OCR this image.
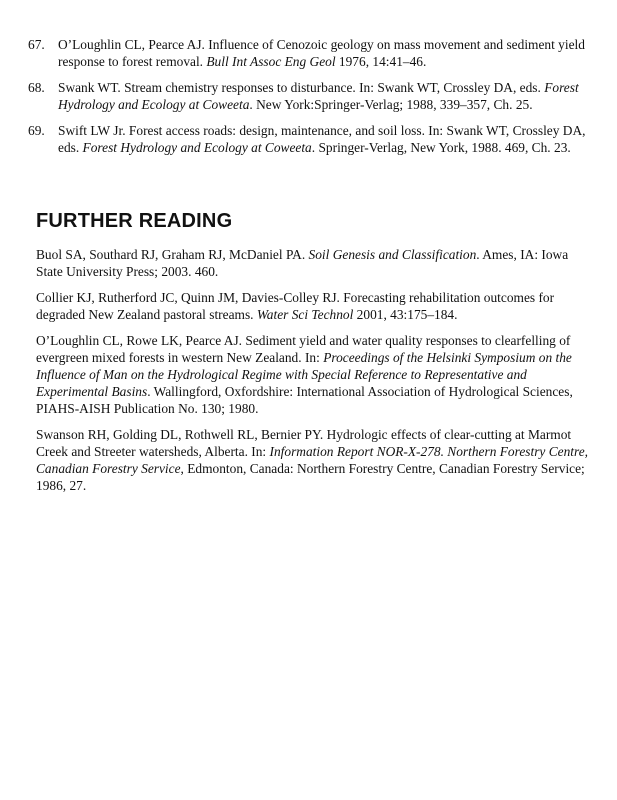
67. O’Loughlin CL, Pearce AJ. Influence of Cenozoic geology on mass movement and sediment yield response to forest removal. Bull Int Assoc Eng Geol 1976, 14:41–46.
68. Swank WT. Stream chemistry responses to disturbance. In: Swank WT, Crossley DA, eds. Forest Hydrology and Ecology at Coweeta. New York:Springer-Verlag; 1988, 339–357, Ch. 25.
69. Swift LW Jr. Forest access roads: design, maintenance, and soil loss. In: Swank WT, Crossley DA, eds. Forest Hydrology and Ecology at Coweeta. Springer-Verlag, New York, 1988. 469, Ch. 23.
FURTHER READING
Buol SA, Southard RJ, Graham RJ, McDaniel PA. Soil Genesis and Classification. Ames, IA: Iowa State University Press; 2003. 460.
Collier KJ, Rutherford JC, Quinn JM, Davies-Colley RJ. Forecasting rehabilitation outcomes for degraded New Zealand pastoral streams. Water Sci Technol 2001, 43:175–184.
O’Loughlin CL, Rowe LK, Pearce AJ. Sediment yield and water quality responses to clearfelling of evergreen mixed forests in western New Zealand. In: Proceedings of the Helsinki Symposium on the Influence of Man on the Hydrological Regime with Special Reference to Representative and Experimental Basins. Wallingford, Oxfordshire: International Association of Hydrological Sciences, PIAHS-AISH Publication No. 130; 1980.
Swanson RH, Golding DL, Rothwell RL, Bernier PY. Hydrologic effects of clear-cutting at Marmot Creek and Streeter watersheds, Alberta. In: Information Report NOR-X-278. Northern Forestry Centre, Canadian Forestry Service, Edmonton, Canada: Northern Forestry Centre, Canadian Forestry Service; 1986, 27.
